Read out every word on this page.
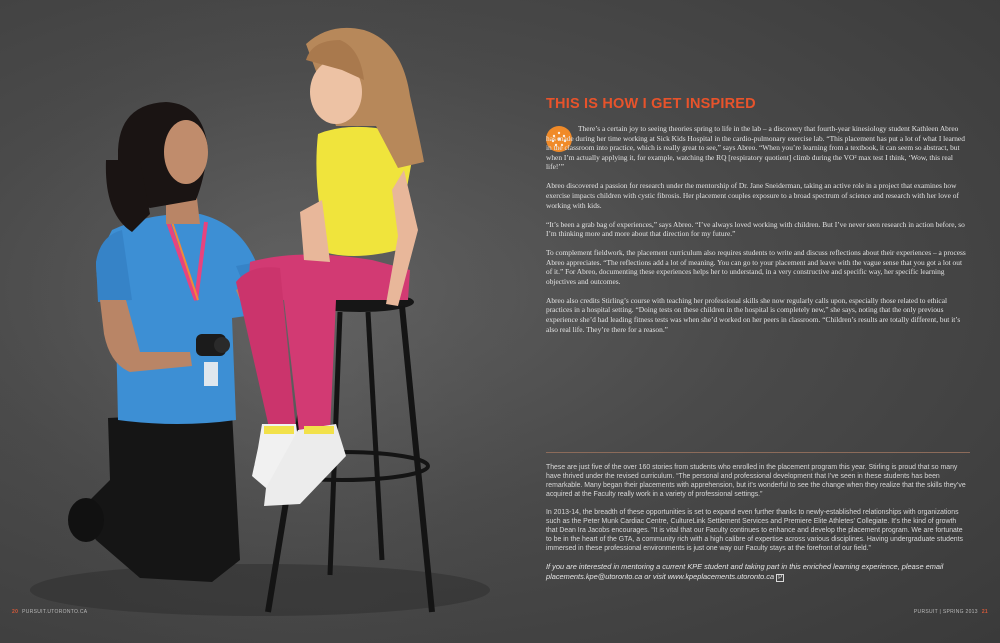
THIS IS HOW I GET INSPIRED

There’s a certain joy to seeing theories spring to life in the lab – a discovery that fourth-year kinesiology student Kathleen Abreo has made during her time working at Sick Kids Hospital in the cardio-pulmonary exercise lab. “This placement has put a lot of what I learned in the classroom into practice, which is really great to see,” says Abreo. “When you’re learning from a textbook, it can seem so abstract, but when I’m actually applying it, for example, watching the RQ [respiratory quotient] climb during the VO² max test I think, ‘Wow, this real life!’”

Abreo discovered a passion for research under the mentorship of Dr. Jane Sneiderman, taking an active role in a project that examines how exercise impacts children with cystic fibrosis. Her placement couples exposure to a broad spectrum of science and research with her love of working with kids.

“It’s been a grab bag of experiences,” says Abreo. “I’ve always loved working with children. But I’ve never seen research in action before, so I’m thinking more and more about that direction for my future.”

To complement fieldwork, the placement curriculum also requires students to write and discuss reflections about their experiences – a process Abreo appreciates. “The reflections add a lot of meaning. You can go to your placement and leave with the vague sense that you got a lot out of it.” For Abreo, documenting these experiences helps her to understand, in a very constructive and specific way, her specific learning objectives and outcomes.

Abreo also credits Stirling’s course with teaching her professional skills she now regularly calls upon, especially those related to ethical practices in a hospital setting. “Doing tests on these children in the hospital is completely new,” she says, noting that the only previous experience she’d had leading fitness tests was when she’d worked on her peers in classroom. “Children’s results are totally different, but it’s also real life. They’re there for a reason.”

These are just five of the over 160 stories from students who enrolled in the placement program this year. Stirling is proud that so many have thrived under the revised curriculum. “The personal and professional development that I’ve seen in these students has been remarkable. Many began their placements with apprehension, but it’s wonderful to see the change when they realize that the skills they’ve acquired at the Faculty really work in a variety of professional settings.”

In 2013-14, the breadth of these opportunities is set to expand even further thanks to newly-established relationships with organizations such as the Peter Munk Cardiac Centre, CultureLink Settlement Services and Premiere Elite Athletes’ Collegiate. It’s the kind of growth that Dean Ira Jacobs encourages. “It is vital that our Faculty continues to enhance and develop the placement program. We are fortunate to be in the heart of the GTA, a community rich with a high calibre of expertise across various disciplines. Having undergraduate students immersed in these professional environments is just one way our Faculty stays at the forefront of our field.”

If you are interested in mentoring a current KPE student and taking part in this enriched learning experience, please email placements.kpe@utoronto.ca or visit www.kpeplacements.utoronto.ca P

20 PURSUIT.UTORONTO.CA	PURSUIT | SPRING 2013 21
